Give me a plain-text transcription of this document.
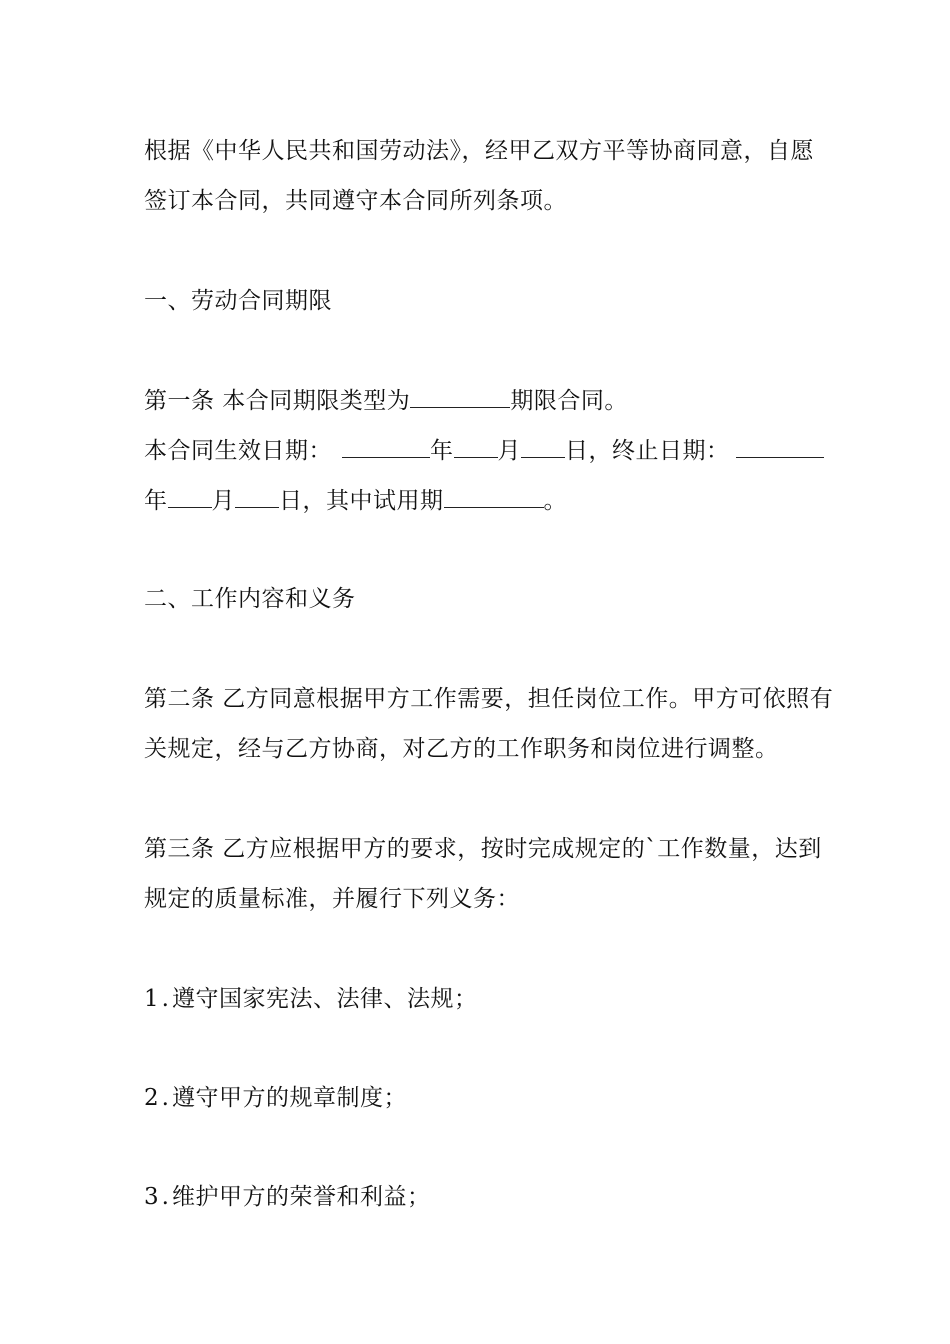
根据《中华人民共和国劳动法》，经甲乙双方平等协商同意，自愿
签订本合同，共同遵守本合同所列条项。
一、劳动合同期限
第一条 本合同期限类型为	期限合同。
本合同生效日期：	年 月 日，终止日期：
年 月 日，其中试用期	。
二、工作内容和义务
第二条 乙方同意根据甲方工作需要，担任岗位工作。甲方可依照有
关规定，经与乙方协商，对乙方的工作职务和岗位进行调整。
第三条 乙方应根据甲方的要求，按时完成规定的`工作数量，达到
规定的质量标准，并履行下列义务：
1.遵守国家宪法、法律、法规；
2.遵守甲方的规章制度；
3.维护甲方的荣誉和利益；
